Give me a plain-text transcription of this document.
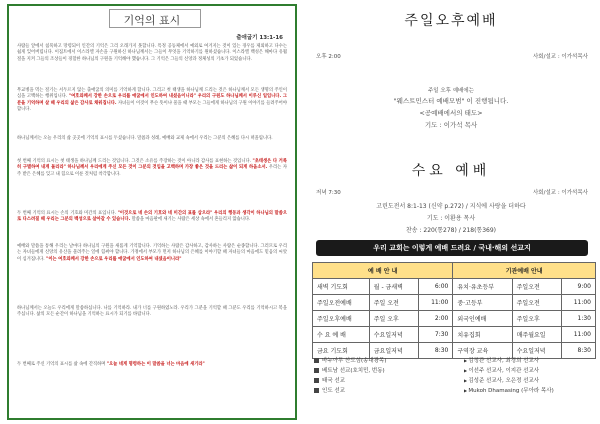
기억의 표시
출애굽기 13:1-16
사람들 앞에서 침묵하고 망령되이 인간의 기억은 그리 오래가지 못합니다. 특정 공동체에서 예외로 여겨지는 것이 있는 경우를 제외하고 다수는 쉽게 잊어버립니다. 이집트에서 이스라엘 자손을 구원하신 하나님께서는 그들이 무엇을 기억하기를 원하셨습니다. 이스라엘 백성은 해마다 유월절을 지켜 그들의 조상들이 경험한 하나님의 구원을 기억해야 했습니다. 그 기억은 그들의 신앙과 정체성의 기초가 되었습니다.
무교병을 먹는 절기는 서두르지 않는 출애굽의 의미를 기억하게 합니다. 그리고 첫 태생을 하나님께 드리는 것은 하나님께서 모든 생명의 주인이심을 고백하는 행위입니다. "여호와께서 강한 손으로 우리를 애굽에서 인도하여 내셨음이니라" 우리의 구원도 하나님께서 이루신 일입니다. 그분을 기억하며 살 때 우리의 삶은 감사로 채워집니다. 자녀들이 이것이 무슨 뜻이냐 물을 때 부모는 그들에게 하나님의 구원 이야기를 들려주어야 합니다.
하나님께서는 오늘 우리의 삶 곳곳에 기억의 표시를 두셨습니다. 말씀과 성례, 예배와 교제 속에서 우리는 그분의 은혜를 다시 떠올립니다.
첫 번째 기억의 표시는 첫 태생을 하나님께 드리는 것입니다. 그것은 소유를 주장하는 것이 아니라 감사를 표현하는 것입니다. "초태생은 다 거룩히 구별하여 내게 돌리라" 하나님께서 우리에게 주신 모든 것이 그분의 것임을 고백하며 가장 좋은 것을 드리는 삶이 되게 하옵소서. 우리는 자주 받은 은혜를 잊고 내 힘으로 이룬 것처럼 착각합니다.
두 번째 기억의 표시는 손의 기호와 미간의 표입니다. "이것으로 네 손의 기호와 네 미간의 표를 삼으라" 우리의 행동과 생각이 하나님의 말씀으로 다스려질 때 우리는 그분의 백성으로 살아갈 수 있습니다. 말씀을 마음판에 새기는 사람은 세상 속에서 흔들리지 않습니다.
예배와 말씀을 통해 우리는 날마다 하나님의 구원을 새롭게 기억합니다. 기억하는 사람은 감사하고, 감사하는 사람은 순종합니다. 그러므로 우리는 자녀들에게 신앙의 유산을 물려주는 일에 힘써야 합니다. 가정에서 부모가 먼저 하나님의 은혜를 이야기할 때 자녀들의 마음에도 믿음의 씨앗이 심겨집니다. "이는 여호와께서 강한 손으로 우리를 애굽에서 인도하여 내셨음이니라"
하나님께서는 오늘도 우리에게 말씀하십니다. 나를 기억하라. 내가 너를 구원하였노라. 우리가 그분을 기억할 때 그분도 우리를 기억하시고 복을 주십니다. 삶의 모든 순간이 하나님을 기억하는 표시가 되기를 바랍니다.
두 번째로 주신 기억의 표시를 삶 속에 간직하며 "오늘 네게 명령하는 이 말씀을 너는 마음에 새기라"
주일오후예배
오후 2:00	사회/설교 : 이가석목사
주일 오후 예배에는
"웨스트민스터 예배모범" 이 진행됩니다.
<공예배에서의 태도>
기도 : 이가석 목사
수요 예배
저녁 7:30	사회/설교 : 이가석목사
고린도전서 8:1-13 (신약 p.272) / 지식에 사랑을 더하다
기도 : 이환용 목사
찬송 : 220(통278) / 218(통369)
우리 교회는 이렇게 예배 드려요 / 국내·해외 선교지
예 배 안 내			기관예배 안내		
새벽 기도회	월 - 금새벽	6:00	유치·유초등부	주일오전	9:00
주일오전예배	주일 오전	11:00	중·고등부	주일오전	11:00
주일오후예배	주일 오후	2:00	외국인예배	주일오후	1:30
수 요 예 배	수요일저녁	7:30	치유집회	매주월요일	11:00
금요 기도회	금요일저녁	8:30	구역장 교육	수요일저녁	8:30
바누아투 산도섬(송대광목)	▶ 김정관 선교사, 최경희 선교사
베트남 선교(호치민, 번동)	▶ 이선주 선교사, 이지관 선교사
태국 선교	▶ 김성준 선교사, 오은정 선교사
인도 선교	▶ Mukoh Dhamasing (무아라 목사)
